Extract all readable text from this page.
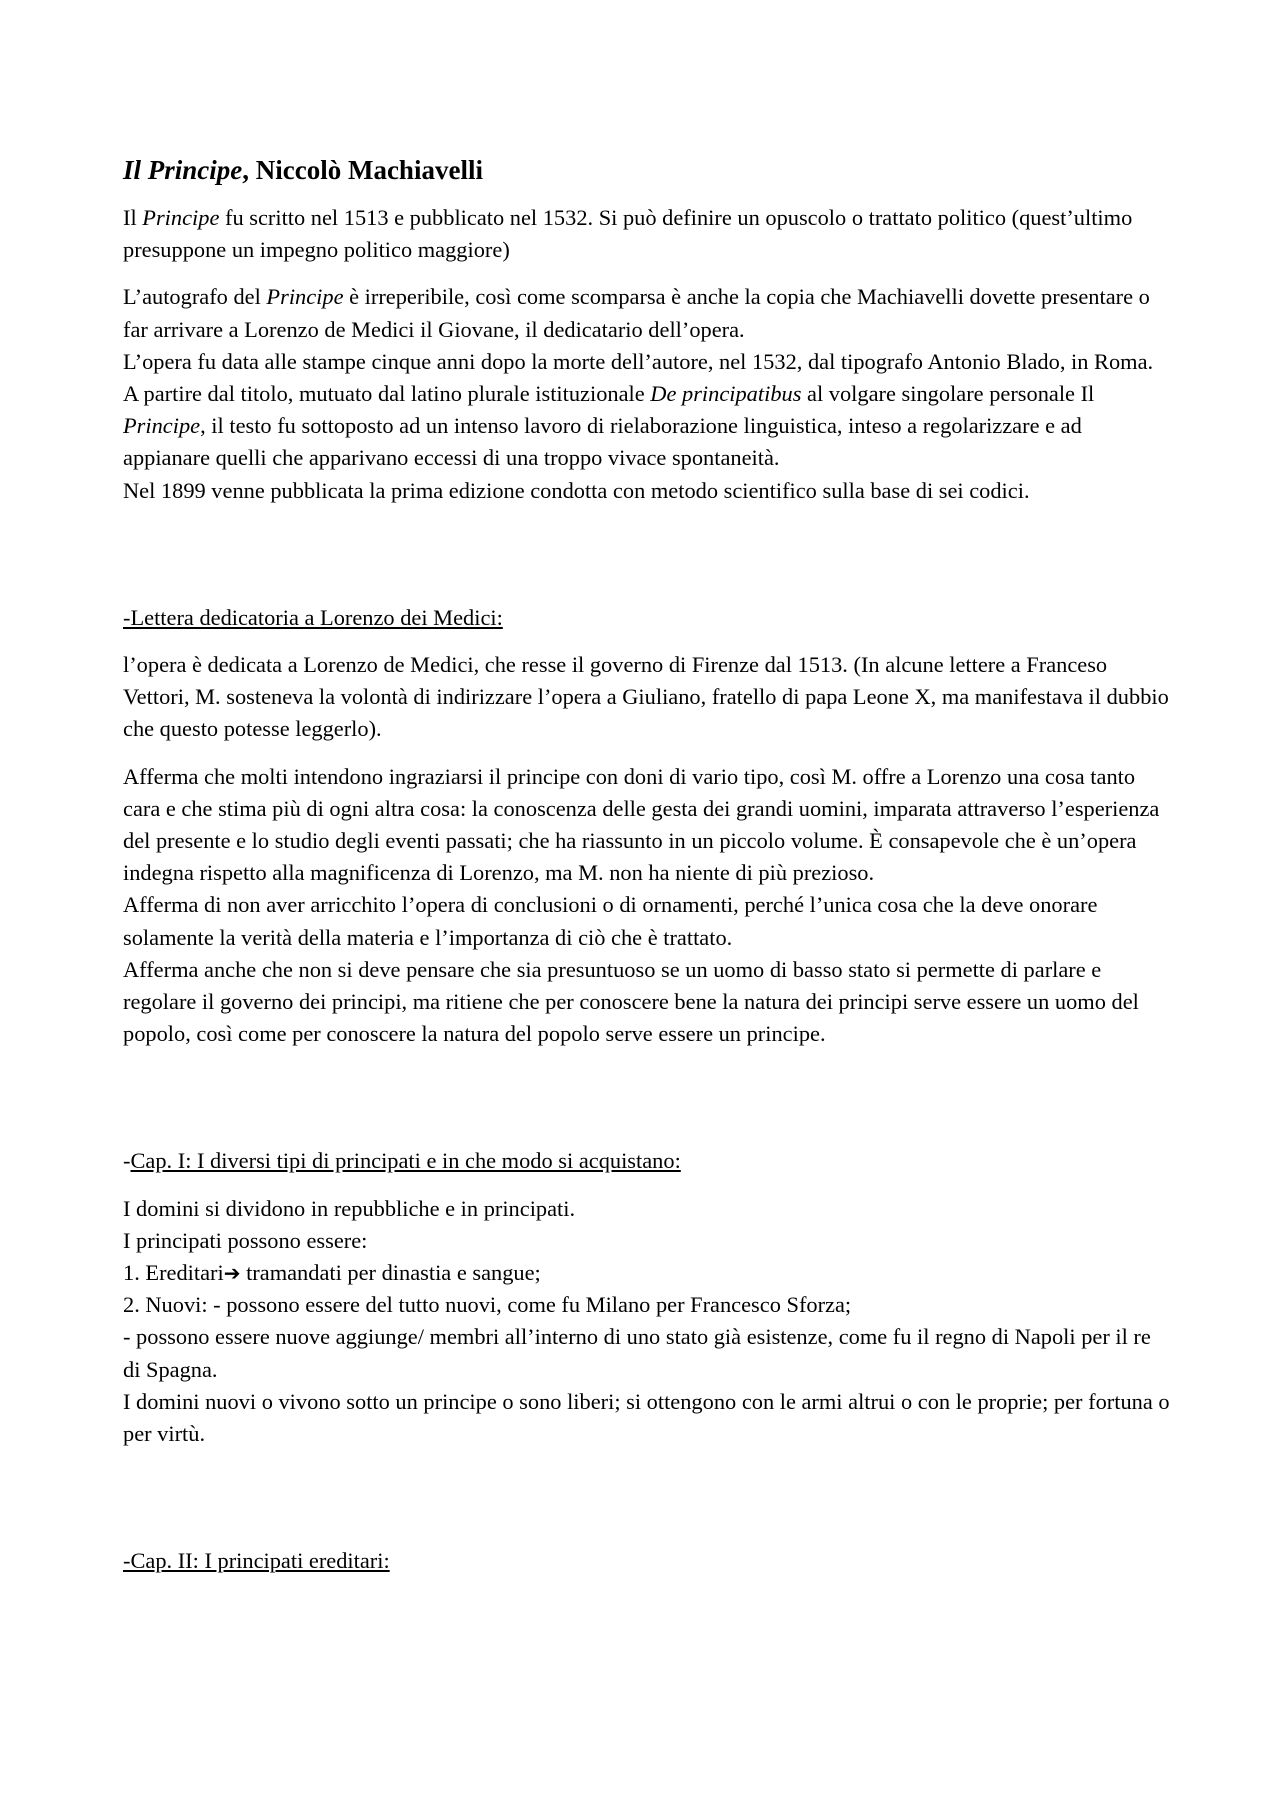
Il Principe, Niccolò Machiavelli

Il Principe fu scritto nel 1513 e pubblicato nel 1532. Si può definire un opuscolo o trattato politico (quest’ultimo presuppone un impegno politico maggiore)

L’autografo del Principe è irreperibile, così come scomparsa è anche la copia che Machiavelli dovette presentare o far arrivare a Lorenzo de Medici il Giovane, il dedicatario dell’opera.
L’opera fu data alle stampe cinque anni dopo la morte dell’autore, nel 1532, dal tipografo Antonio Blado, in Roma.
A partire dal titolo, mutuato dal latino plurale istituzionale De principatibus al volgare singolare personale Il Principe, il testo fu sottoposto ad un intenso lavoro di rielaborazione linguistica, inteso a regolarizzare e ad appianare quelli che apparivano eccessi di una troppo vivace spontaneità.
Nel 1899 venne pubblicata la prima edizione condotta con metodo scientifico sulla base di sei codici.

-Lettera dedicatoria a Lorenzo dei Medici:

l’opera è dedicata a Lorenzo de Medici, che resse il governo di Firenze dal 1513. (In alcune lettere a Franceso Vettori, M. sosteneva la volontà di indirizzare l’opera a Giuliano, fratello di papa Leone X, ma manifestava il dubbio che questo potesse leggerlo).

Afferma che molti intendono ingraziarsi il principe con doni di vario tipo, così M. offre a Lorenzo una cosa tanto cara e che stima più di ogni altra cosa: la conoscenza delle gesta dei grandi uomini, imparata attraverso l’esperienza del presente e lo studio degli eventi passati; che ha riassunto in un piccolo volume. È consapevole che è un’opera indegna rispetto alla magnificenza di Lorenzo, ma M. non ha niente di più prezioso.
Afferma di non aver arricchito l’opera di conclusioni o di ornamenti, perché l’unica cosa che la deve onorare solamente la verità della materia e l’importanza di ciò che è trattato.
Afferma anche che non si deve pensare che sia presuntuoso se un uomo di basso stato si permette di parlare e regolare il governo dei principi, ma ritiene che per conoscere bene la natura dei principi serve essere un uomo del popolo, così come per conoscere la natura del popolo serve essere un principe.

-Cap. I: I diversi tipi di principati e in che modo si acquistano:

I domini si dividono in repubbliche e in principati.
I principati possono essere:
1. Ereditari➔ tramandati per dinastia e sangue;
2. Nuovi: - possono essere del tutto nuovi, come fu Milano per Francesco Sforza;
- possono essere nuove aggiunge/ membri all’interno di uno stato già esistenze, come fu il regno di Napoli per il re di Spagna.
I domini nuovi o vivono sotto un principe o sono liberi; si ottengono con le armi altrui o con le proprie; per fortuna o per virtù.

-Cap. II: I principati ereditari:
